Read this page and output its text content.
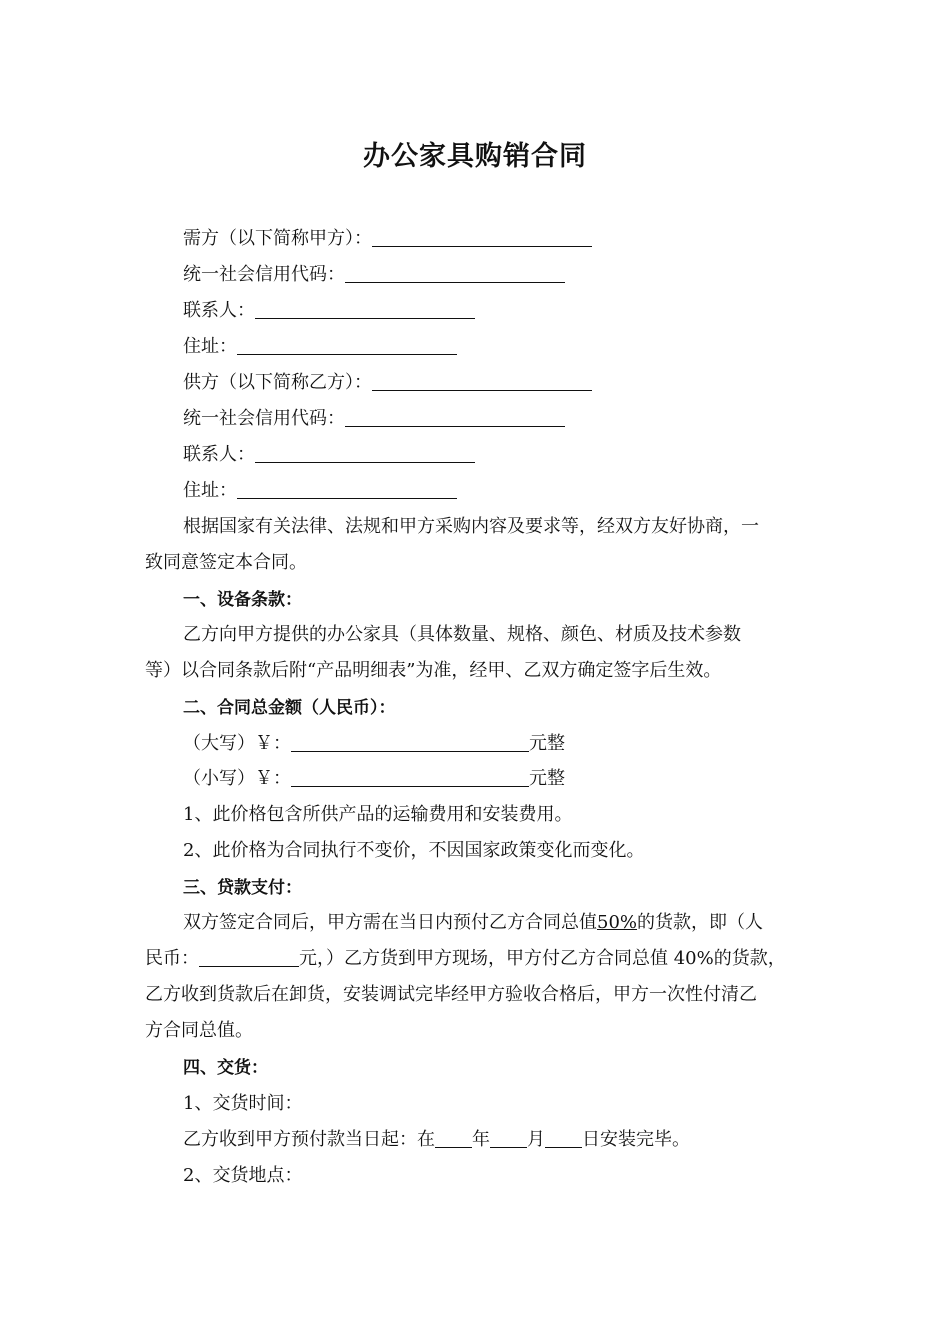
办公家具购销合同
需方（以下简称甲方）：
统一社会信用代码：
联系人：
住址：
供方（以下简称乙方）：
统一社会信用代码：
联系人：
住址：
根据国家有关法律、法规和甲方采购内容及要求等，经双方友好协商，一
致同意签定本合同。
一、设备条款：
乙方向甲方提供的办公家具（具体数量、规格、颜色、材质及技术参数
等）以合同条款后附“产品明细表”为准，经甲、乙双方确定签字后生效。
二、合同总金额（人民币）：
（大写）￥：	元整
（小写）￥：	元整
1、此价格包含所供产品的运输费用和安装费用。
2、此价格为合同执行不变价，不因国家政策变化而变化。
三、贷款支付：
双方签定合同后，甲方需在当日内预付乙方合同总值50%的货款，即（人
民币：	元，）乙方货到甲方现场，甲方付乙方合同总值 40%的货款，
乙方收到货款后在卸货，安装调试完毕经甲方验收合格后，甲方一次性付清乙
方合同总值。
四、交货：
1、交货时间：
乙方收到甲方预付款当日起：在 年 月 日安装完毕。
2、交货地点：
